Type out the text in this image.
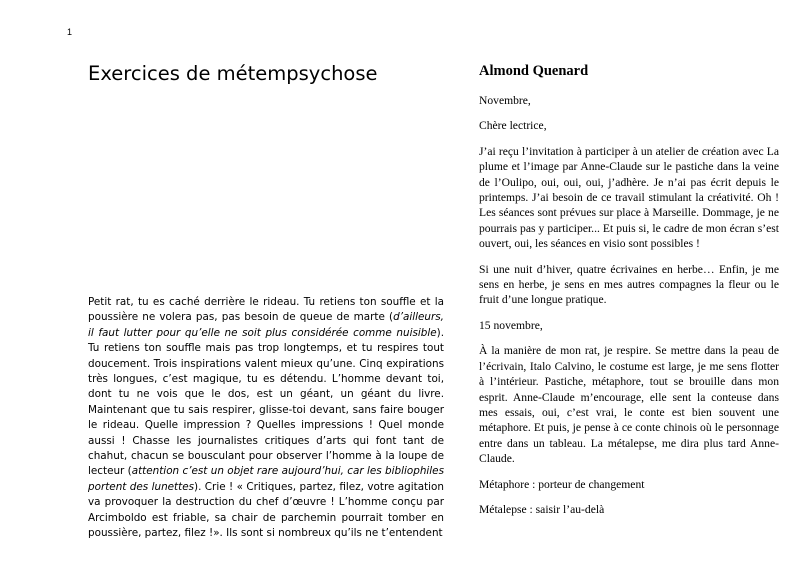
1
Exercices de métempsychose

Petit rat, tu es caché derrière le rideau. Tu retiens ton souffle et la poussière ne volera pas, pas besoin de queue de marte (d’ailleurs, il faut lutter pour qu’elle ne soit plus considérée comme nuisible). Tu retiens ton souffle mais pas trop longtemps, et tu respires tout doucement. Trois inspirations valent mieux qu’une. Cinq expirations très longues, c’est magique, tu es détendu. L’homme devant toi, dont tu ne vois que le dos, est un géant, un géant du livre. Maintenant que tu sais respirer, glisse-toi devant, sans faire bouger le rideau. Quelle impression ? Quelles impressions ! Quel monde aussi ! Chasse les journalistes critiques d’arts qui font tant de chahut, chacun se bousculant pour observer l’homme à la loupe de lecteur (attention c’est un objet rare aujourd’hui, car les bibliophiles portent des lunettes). Crie ! « Critiques, partez, filez, votre agitation va provoquer la destruction du chef d’œuvre ! L’homme conçu par Arcimboldo est friable, sa chair de parchemin pourrait tomber en poussière, partez, filez !». Ils sont si nombreux qu’ils ne t’entendent

Almond Quenard

Novembre,

Chère lectrice,

J’ai reçu l’invitation à participer à un atelier de création avec La plume et l’image par Anne-Claude sur le pastiche dans la veine de l’Oulipo, oui, oui, oui, j’adhère. Je n’ai pas écrit depuis le printemps. J’ai besoin de ce travail stimulant la créativité. Oh ! Les séances sont prévues sur place à Marseille. Dommage, je ne pourrais pas y participer... Et puis si, le cadre de mon écran s’est ouvert, oui, les séances en visio sont possibles !

Si une nuit d’hiver, quatre écrivaines en herbe… Enfin, je me sens en herbe, je sens en mes autres compagnes la fleur ou le fruit d’une longue pratique.

15 novembre,

À la manière de mon rat, je respire. Se mettre dans la peau de l’écrivain, Italo Calvino, le costume est large, je me sens flotter à l’intérieur. Pastiche, métaphore, tout se brouille dans mon esprit. Anne-Claude m’encourage, elle sent la conteuse dans mes essais, oui, c’est vrai, le conte est bien souvent une métaphore. Et puis, je pense à ce conte chinois où le personnage entre dans un tableau. La métalepse, me dira plus tard Anne-Claude.

Métaphore : porteur de changement

Métalepse : saisir l’au-delà
